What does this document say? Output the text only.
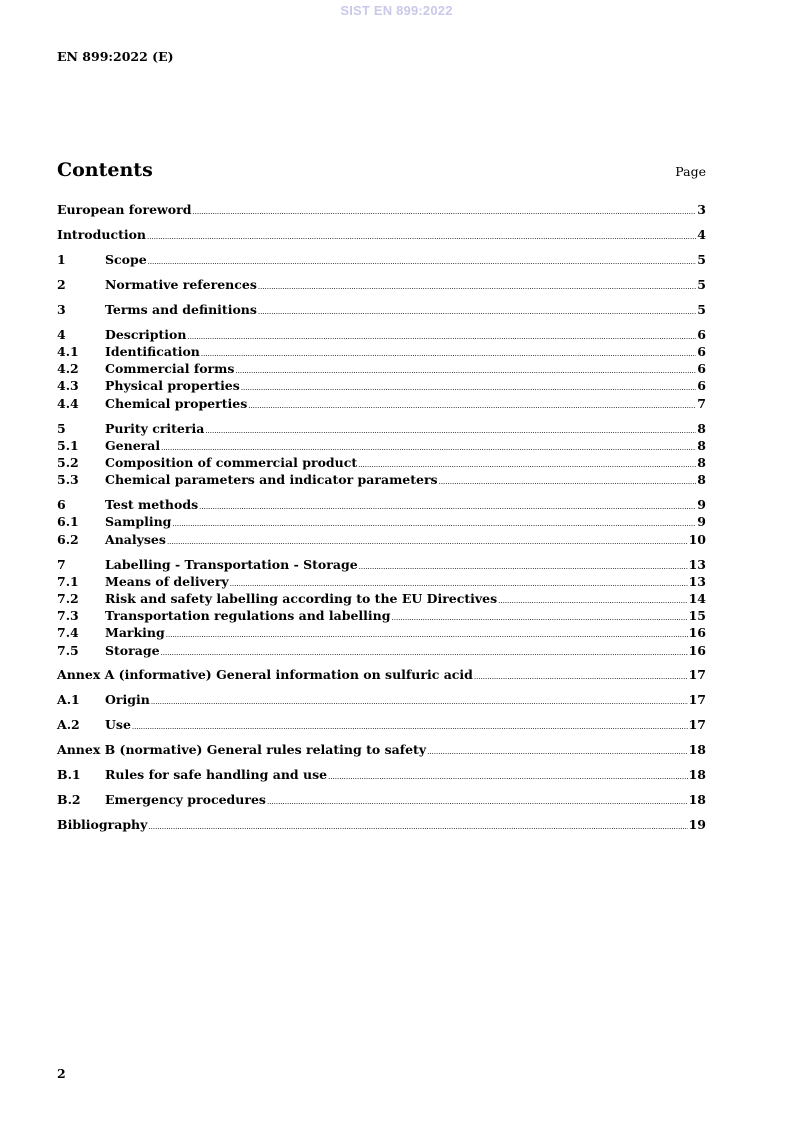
SIST EN 899:2022
EN 899:2022 (E)
Contents	Page
European foreword .....	3
Introduction .....	4
1	Scope .....	5
2	Normative references .....	5
3	Terms and definitions .....	5
4	Description .....	6
4.1	Identification .....	6
4.2	Commercial forms .....	6
4.3	Physical properties .....	6
4.4	Chemical properties .....	7
5	Purity criteria .....	8
5.1	General .....	8
5.2	Composition of commercial product .....	8
5.3	Chemical parameters and indicator parameters .....	8
6	Test methods .....	9
6.1	Sampling .....	9
6.2	Analyses .....	10
7	Labelling - Transportation - Storage .....	13
7.1	Means of delivery .....	13
7.2	Risk and safety labelling according to the EU Directives .....	14
7.3	Transportation regulations and labelling .....	15
7.4	Marking .....	16
7.5	Storage .....	16
Annex A (informative) General information on sulfuric acid .....	17
A.1	Origin .....	17
A.2	Use .....	17
Annex B (normative) General rules relating to safety .....	18
B.1	Rules for safe handling and use .....	18
B.2	Emergency procedures .....	18
Bibliography .....	19
2
